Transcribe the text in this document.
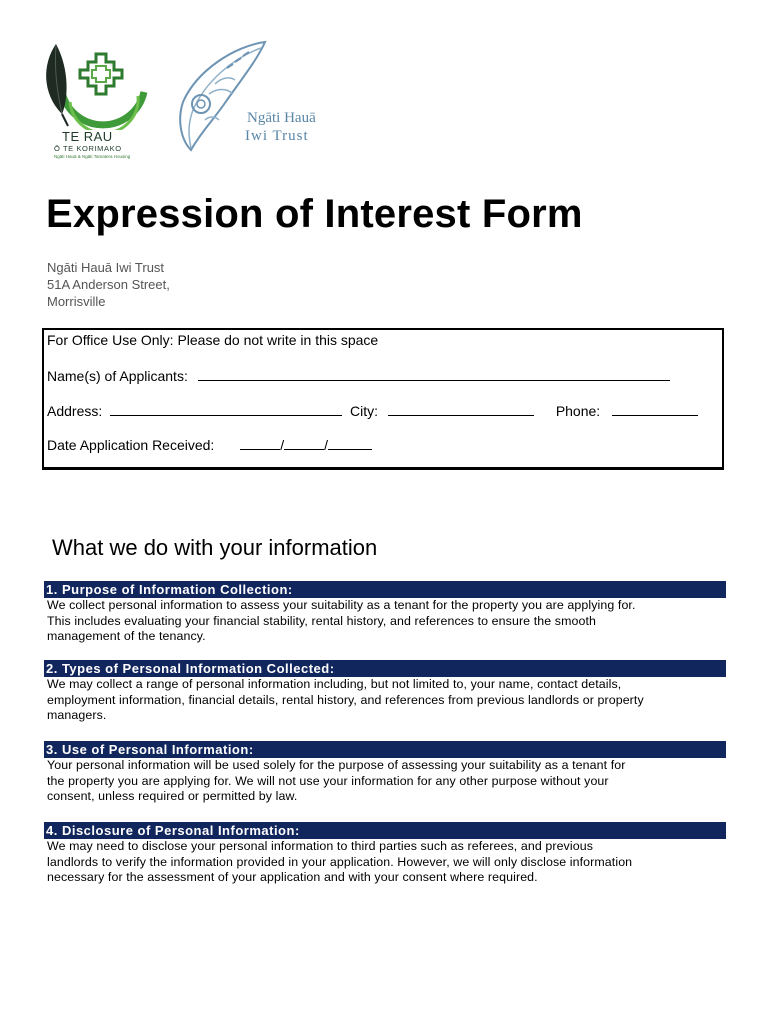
TE RAU
Ō TE KORIMAKO
Ngāti Hauā & Ngāti Tamatera Housing
Ngāti Hauā
Iwi Trust
Expression of Interest Form
Ngāti Hauā Iwi Trust
51A Anderson Street,
Morrisville
For Office Use Only: Please do not write in this space
Name(s) of Applicants:
Address:	City:	Phone:
Date Application Received:	/	/
What we do with your information
1. Purpose of Information Collection:
We collect personal information to assess your suitability as a tenant for the property you are applying for.
This includes evaluating your financial stability, rental history, and references to ensure the smooth
management of the tenancy.
2. Types of Personal Information Collected:
We may collect a range of personal information including, but not limited to, your name, contact details,
employment information, financial details, rental history, and references from previous landlords or property
managers.
3. Use of Personal Information:
Your personal information will be used solely for the purpose of assessing your suitability as a tenant for
the property you are applying for. We will not use your information for any other purpose without your
consent, unless required or permitted by law.
4. Disclosure of Personal Information:
We may need to disclose your personal information to third parties such as referees, and previous
landlords to verify the information provided in your application. However, we will only disclose information
necessary for the assessment of your application and with your consent where required.
